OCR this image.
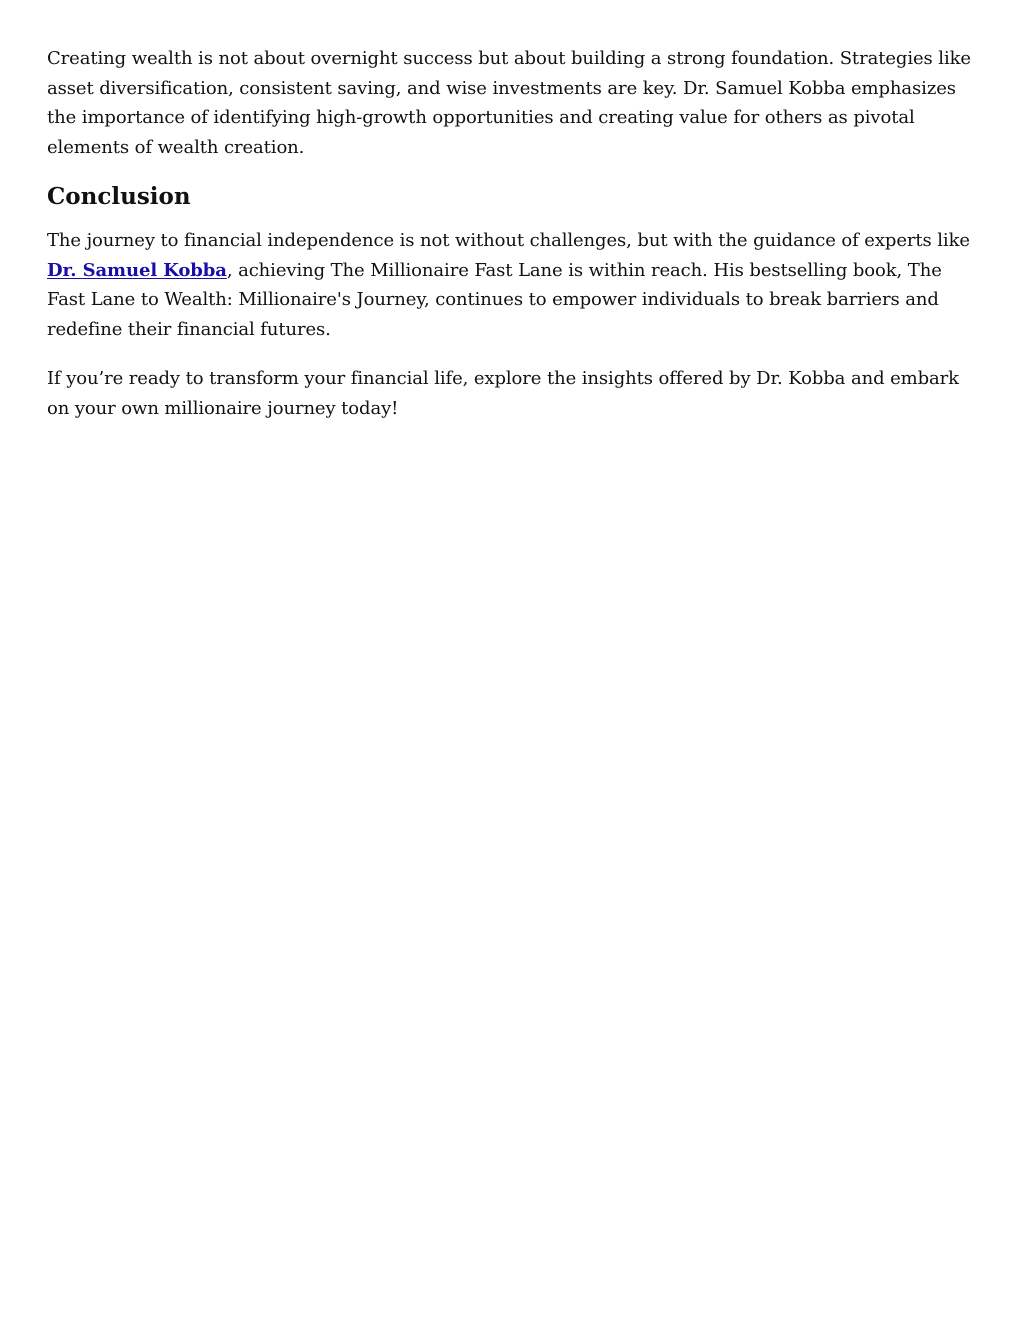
Creating wealth is not about overnight success but about building a strong foundation. Strategies like asset diversification, consistent saving, and wise investments are key. Dr. Samuel Kobba emphasizes the importance of identifying high-growth opportunities and creating value for others as pivotal elements of wealth creation.

Conclusion

The journey to financial independence is not without challenges, but with the guidance of experts like Dr. Samuel Kobba, achieving The Millionaire Fast Lane is within reach. His bestselling book, The Fast Lane to Wealth: Millionaire's Journey, continues to empower individuals to break barriers and redefine their financial futures.

If you’re ready to transform your financial life, explore the insights offered by Dr. Kobba and embark on your own millionaire journey today!
